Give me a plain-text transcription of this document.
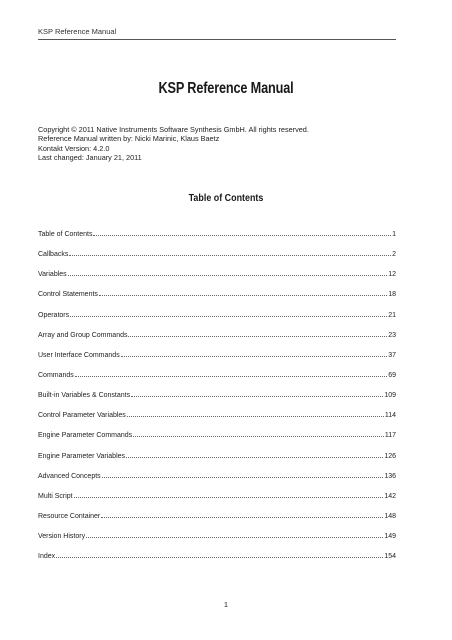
KSP Reference Manual
KSP Reference Manual
Copyright © 2011 Native Instruments Software Synthesis GmbH. All rights reserved.
Reference Manual written by: Nicki Marinic, Klaus Baetz
Kontakt Version: 4.2.0
Last changed: January 21, 2011
Table of Contents
Table of Contents	1
Callbacks	2
Variables	12
Control Statements	18
Operators	21
Array and Group Commands	23
User Interface Commands	37
Commands	69
Built-in Variables & Constants	109
Control Parameter Variables	114
Engine Parameter Commands	117
Engine Parameter Variables	126
Advanced Concepts	136
Multi Script	142
Resource Container	148
Version History	149
Index	154
1
